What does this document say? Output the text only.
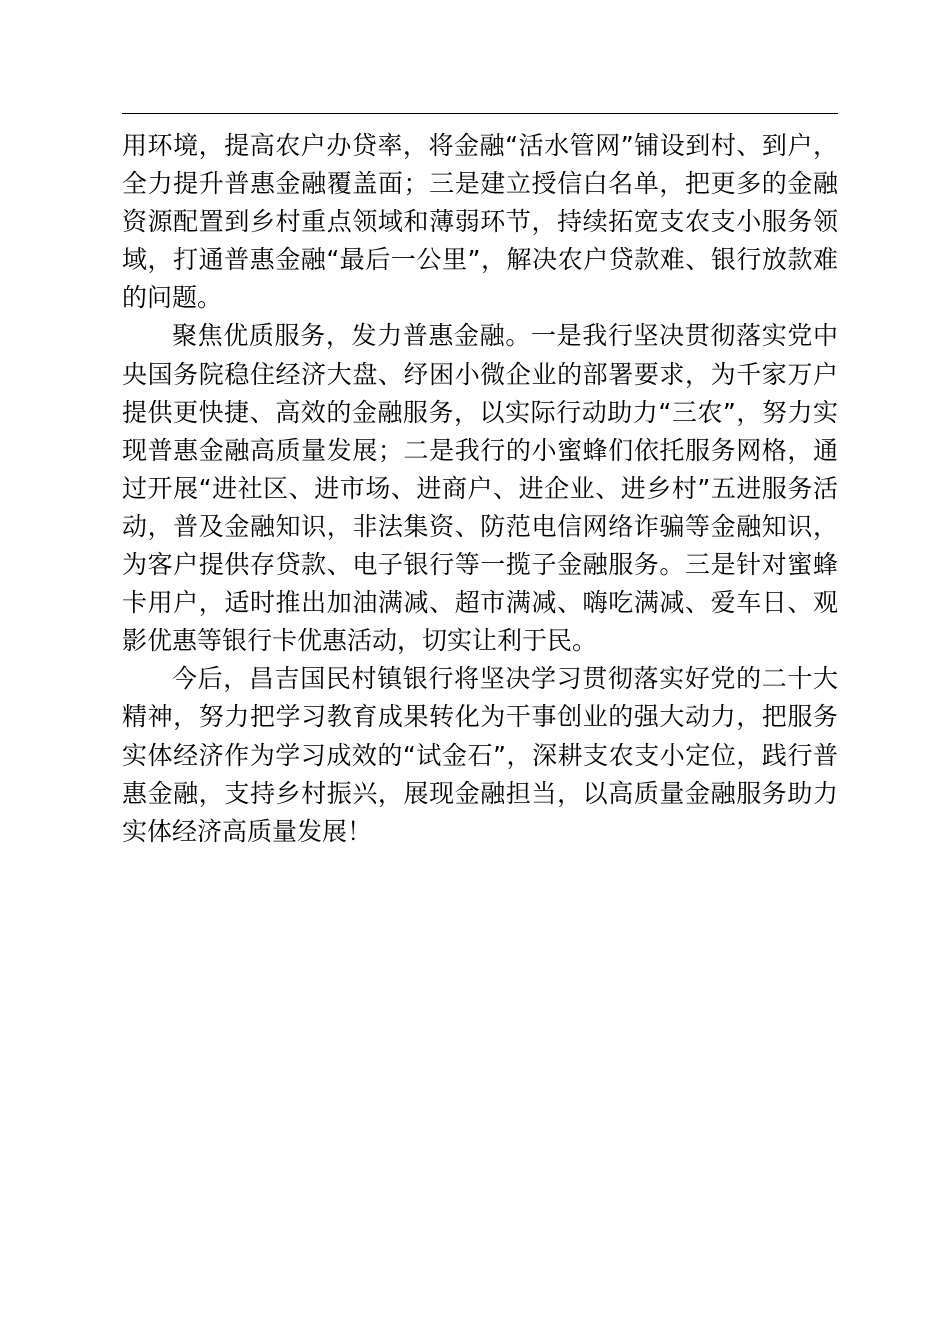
用环境，提高农户办贷率，将金融“活水管网”铺设到村、到户，
全力提升普惠金融覆盖面；三是建立授信白名单，把更多的金融
资源配置到乡村重点领域和薄弱环节，持续拓宽支农支小服务领
域，打通普惠金融“最后一公里”，解决农户贷款难、银行放款难
的问题。
聚焦优质服务，发力普惠金融。一是我行坚决贯彻落实党中
央国务院稳住经济大盘、纾困小微企业的部署要求，为千家万户
提供更快捷、高效的金融服务，以实际行动助力“三农”，努力实
现普惠金融高质量发展；二是我行的小蜜蜂们依托服务网格，通
过开展“进社区、进市场、进商户、进企业、进乡村”五进服务活
动，普及金融知识，非法集资、防范电信网络诈骗等金融知识，
为客户提供存贷款、电子银行等一揽子金融服务。三是针对蜜蜂
卡用户，适时推出加油满减、超市满减、嗨吃满减、爱车日、观
影优惠等银行卡优惠活动，切实让利于民。
今后，昌吉国民村镇银行将坚决学习贯彻落实好党的二十大
精神，努力把学习教育成果转化为干事创业的强大动力，把服务
实体经济作为学习成效的“试金石”，深耕支农支小定位，践行普
惠金融，支持乡村振兴，展现金融担当，以高质量金融服务助力
实体经济高质量发展！
